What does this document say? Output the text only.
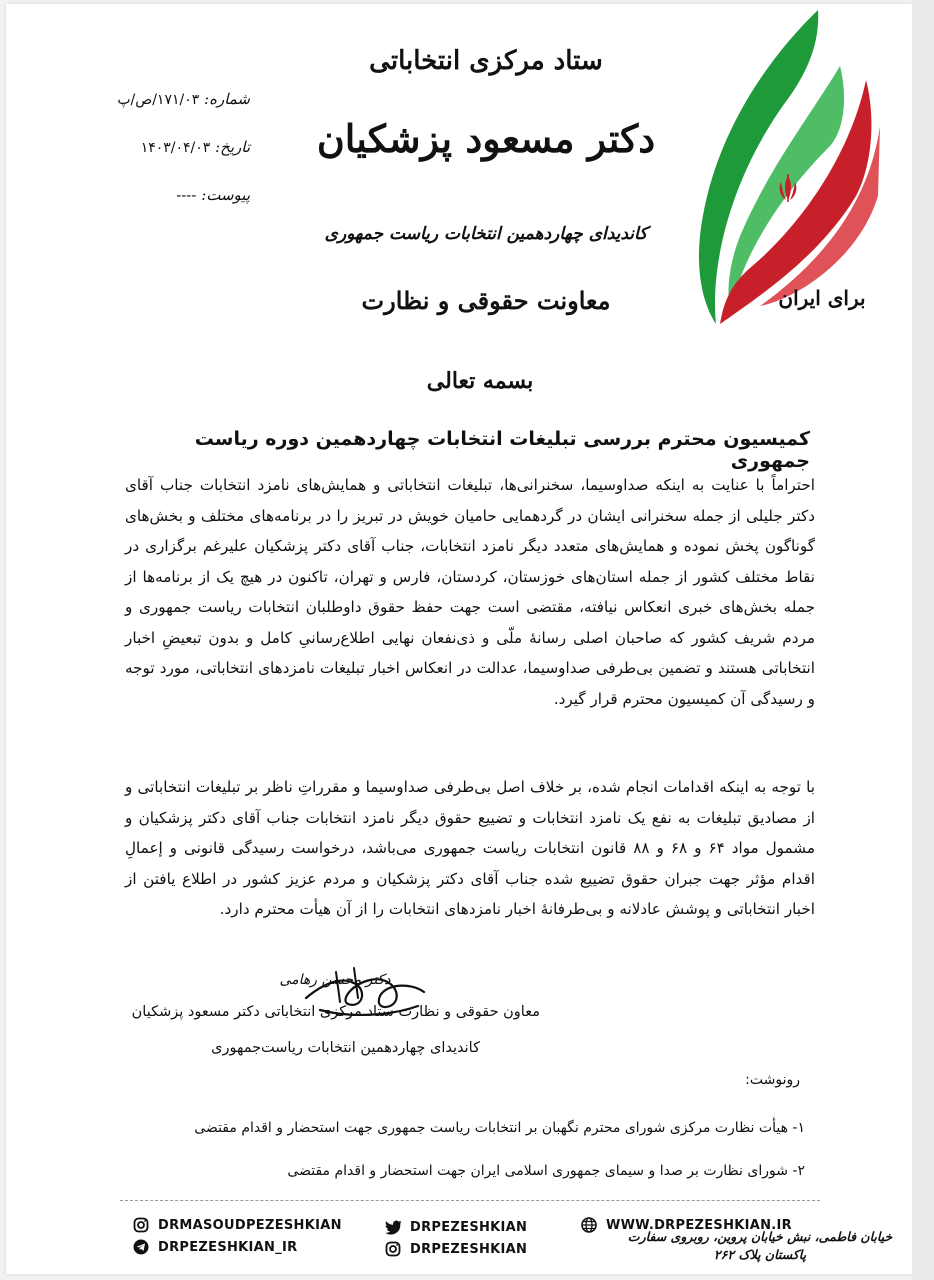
ستاد مرکزی انتخاباتی
دکتر مسعود پزشکیان
کاندیدای چهاردهمین انتخابات ریاست جمهوری
معاونت حقوقی و نظارت
شماره: ۱۷۱/۰۳/ص/پ
تاریخ: ۱۴۰۳/۰۴/۰۳
پیوست: ----
برای ایران
بسمه تعالی
کمیسیون محترم بررسی تبلیغات انتخابات چهاردهمین دوره ریاست جمهوری
احتراماً با عنایت به اینکه صداوسیما، سخنرانی‌ها، تبلیغات انتخاباتی و همایش‌های نامزد انتخابات جناب آقای دکتر جلیلی از جمله سخنرانی ایشان در گردهمایی حامیان خویش در تبریز را در برنامه‌های مختلف و بخش‌های گوناگون پخش نموده و همایش‌های متعدد دیگر نامزد انتخابات، جناب آقای دکتر پزشکیان علیرغم برگزاری در نقاط مختلف کشور از جمله استان‌های خوزستان، کردستان، فارس و تهران، تاکنون در هیچ یک از برنامه‌ها از جمله بخش‌های خبری انعکاس نیافته، مقتضی است جهت حفظ حقوق داوطلبان انتخابات ریاست جمهوری و مردم شریف کشور که صاحبان اصلی رسانهٔ ملّی و ذی‌نفعان نهایی اطلاع‌رسانیِ کامل و بدون تبعیضِ اخبار انتخاباتی هستند و تضمین بی‌طرفی صداوسیما، عدالت در انعکاس اخبار تبلیغات نامزدهای انتخاباتی، مورد توجه و رسیدگی آن کمیسیون محترم قرار گیرد.
با توجه به اینکه اقدامات انجام شده، بر خلاف اصل بی‌طرفی صداوسیما و مقرراتِ ناظر بر تبلیغات انتخاباتی و از مصادیق تبلیغات به نفع یک نامزد انتخابات و تضییع حقوق دیگر نامزد انتخابات جناب آقای دکتر پزشکیان و مشمول مواد ۶۴ و ۶۸ و ۸۸ قانون انتخابات ریاست جمهوری می‌باشد، درخواست رسیدگی قانونی و إعمالِ اقدام مؤثر جهت جبران حقوق تضییع شده جناب آقای دکتر پزشکیان و مردم عزیز کشور در اطلاع یافتن از اخبار انتخاباتی و پوشش عادلانه و بی‌طرفانهٔ اخبار نامزدهای انتخابات را از آن هیأت محترم دارد.
دکتر محسن رهامی
معاون حقوقی و نظارت ستاد مرکزی انتخاباتی دکتر مسعود پزشکیان
کاندیدای چهاردهمین انتخابات ریاست‌جمهوری
رونوشت:
۱- هیأت نظارت مرکزی شورای محترم نگهبان بر انتخابات ریاست جمهوری جهت استحضار و اقدام مقتضی
۲- شورای نظارت بر صدا و سیمای جمهوری اسلامی ایران جهت استحضار و اقدام مقتضی
DRMASOUDPEZESHKIAN
DRPEZESHKIAN_IR
DRPEZESHKIAN
DRPEZESHKIAN
WWW.DRPEZESHKIAN.IR
خیابان فاطمی، نبش خیابان پروین، روبروی سفارت پاکستان پلاک ۲۶۲
